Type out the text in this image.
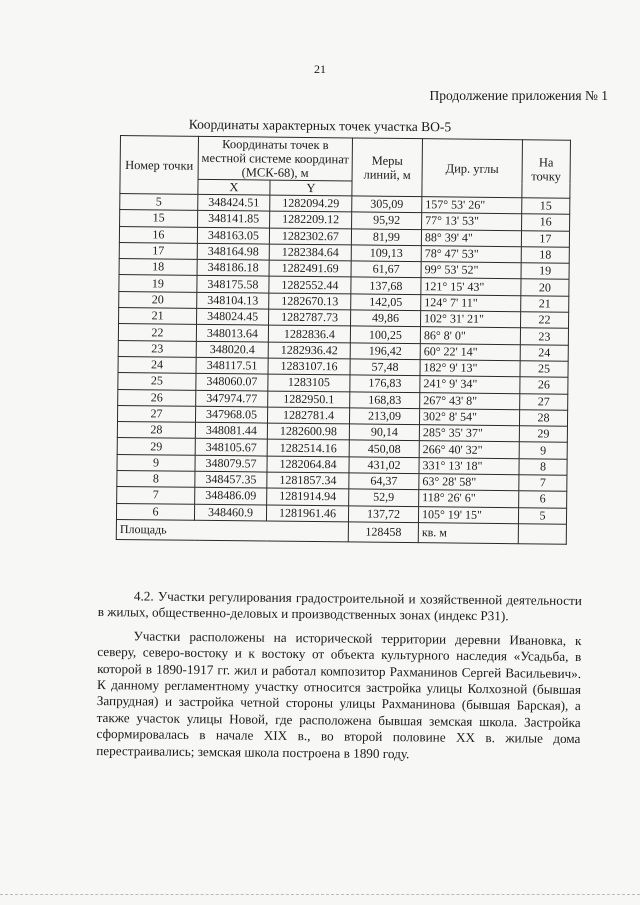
21
Продолжение приложения № 1
Координаты характерных точек участка ВО-5
Номер точки	Координаты точек в местной системе координат (МСК-68), м		Меры линий, м	Дир. углы	На точку
	X	Y			
5	348424.51	1282094.29	305,09	157° 53' 26"	15
15	348141.85	1282209.12	95,92	77° 13' 53"	16
16	348163.05	1282302.67	81,99	88° 39' 4"	17
17	348164.98	1282384.64	109,13	78° 47' 53"	18
18	348186.18	1282491.69	61,67	99° 53' 52"	19
19	348175.58	1282552.44	137,68	121° 15' 43"	20
20	348104.13	1282670.13	142,05	124° 7' 11"	21
21	348024.45	1282787.73	49,86	102° 31' 21"	22
22	348013.64	1282836.4	100,25	86° 8' 0"	23
23	348020.4	1282936.42	196,42	60° 22' 14"	24
24	348117.51	1283107.16	57,48	182° 9' 13"	25
25	348060.07	1283105	176,83	241° 9' 34"	26
26	347974.77	1282950.1	168,83	267° 43' 8"	27
27	347968.05	1282781.4	213,09	302° 8' 54"	28
28	348081.44	1282600.98	90,14	285° 35' 37"	29
29	348105.67	1282514.16	450,08	266° 40' 32"	9
9	348079.57	1282064.84	431,02	331° 13' 18"	8
8	348457.35	1281857.34	64,37	63° 28' 58"	7
7	348486.09	1281914.94	52,9	118° 26' 6"	6
6	348460.9	1281961.46	137,72	105° 19' 15"	5
Площадь			128458	кв. м	

4.2. Участки регулирования градостроительной и хозяйственной деятельности в жилых, общественно-деловых и производственных зонах (индекс Р31).

Участки расположены на исторической территории деревни Ивановка, к северу, северо-востоку и к востоку от объекта культурного наследия «Усадьба, в которой в 1890-1917 гг. жил и работал композитор Рахманинов Сергей Васильевич». К данному регламентному участку относится застройка улицы Колхозной (бывшая Запрудная) и застройка четной стороны улицы Рахманинова (бывшая Барская), а также участок улицы Новой, где расположена бывшая земская школа. Застройка сформировалась в начале XIX в., во второй половине XX в. жилые дома перестраивались; земская школа построена в 1890 году.
